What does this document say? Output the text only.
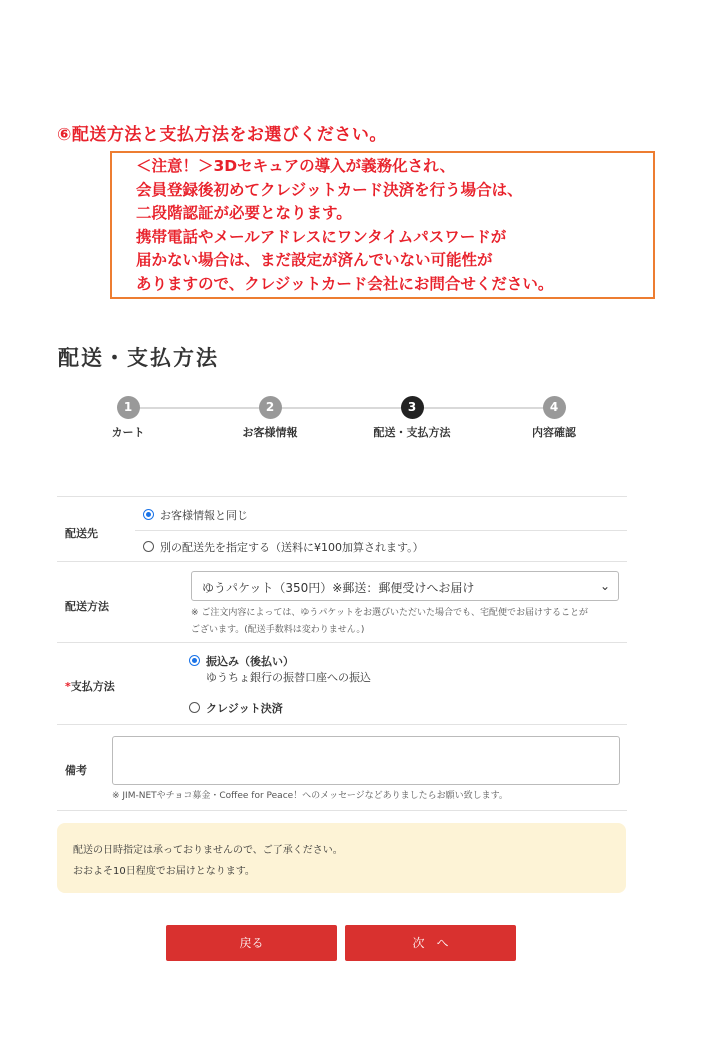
⑥配送方法と支払方法をお選びください。
＜注意！＞3Dセキュアの導入が義務化され、
会員登録後初めてクレジットカード決済を行う場合は、
二段階認証が必要となります。
携帯電話やメールアドレスにワンタイムパスワードが
届かない場合は、まだ設定が済んでいない可能性が
ありますので、クレジットカード会社にお問合せください。
配送・支払方法
1
カート
2
お客様情報
3
配送・支払方法
4
内容確認
配送先
お客様情報と同じ
別の配送先を指定する（送料に¥100加算されます。）
配送方法
ゆうパケット（350円）※郵送：郵便受けへお届け	⌄
※ ご注文内容によっては、ゆうパケットをお選びいただいた場合でも、宅配便でお届けすることが
ございます。(配送手数料は変わりません。)
*支払方法
振込み（後払い）
ゆうちょ銀行の振替口座への振込
クレジット決済
備考
※ JIM-NETやチョコ募金・Coffee for Peace！へのメッセージなどありましたらお願い致します。
配送の日時指定は承っておりませんので、ご了承ください。
おおよそ10日程度でお届けとなります。
戻る	次　へ
